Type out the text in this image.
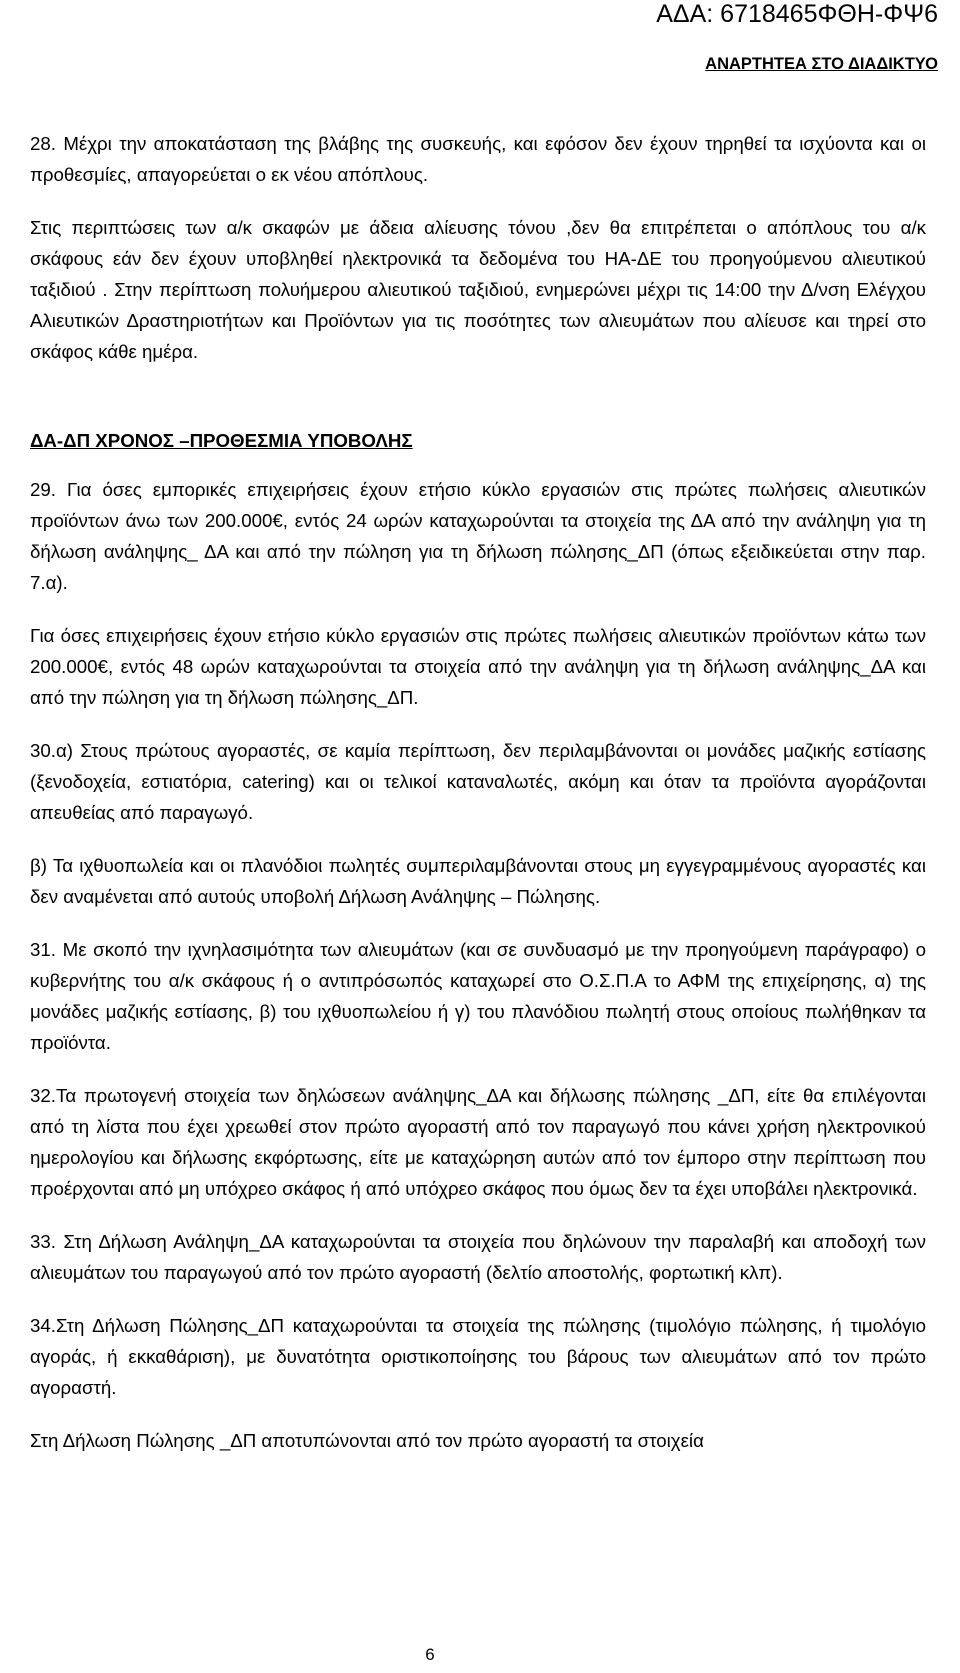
ΑΔΑ: 6718465ΦΘΗ-ΦΨ6
ΑΝΑΡΤΗΤΕΑ ΣΤΟ ΔΙΑΔΙΚΤΥΟ

28. Μέχρι την αποκατάσταση της βλάβης της συσκευής, και εφόσον δεν έχουν τηρηθεί τα ισχύοντα και οι προθεσμίες, απαγορεύεται ο εκ νέου απόπλους.

Στις περιπτώσεις των α/κ σκαφών με άδεια αλίευσης τόνου ,δεν θα επιτρέπεται ο απόπλους του α/κ σκάφους εάν δεν έχουν υποβληθεί ηλεκτρονικά τα δεδομένα του ΗΑ-ΔΕ του προηγούμενου αλιευτικού ταξιδιού . Στην περίπτωση πολυήμερου αλιευτικού ταξιδιού, ενημερώνει μέχρι τις 14:00 την Δ/νση Ελέγχου Αλιευτικών Δραστηριοτήτων και Προϊόντων για τις ποσότητες των αλιευμάτων που αλίευσε και τηρεί στο σκάφος κάθε ημέρα.

ΔΑ-ΔΠ ΧΡΟΝΟΣ –ΠΡΟΘΕΣΜΙΑ ΥΠΟΒΟΛΗΣ

29. Για όσες εμπορικές επιχειρήσεις έχουν ετήσιο κύκλο εργασιών στις πρώτες πωλήσεις αλιευτικών προϊόντων άνω των 200.000€, εντός 24 ωρών καταχωρούνται τα στοιχεία της ΔΑ από την ανάληψη για τη δήλωση ανάληψης_ ΔΑ και από την πώληση για τη δήλωση πώλησης_ΔΠ (όπως εξειδικεύεται στην παρ. 7.α).

Για όσες επιχειρήσεις έχουν ετήσιο κύκλο εργασιών στις πρώτες πωλήσεις αλιευτικών προϊόντων κάτω των 200.000€, εντός 48 ωρών καταχωρούνται τα στοιχεία από την ανάληψη για τη δήλωση ανάληψης_ΔΑ και από την πώληση για τη δήλωση πώλησης_ΔΠ.

30.α) Στους πρώτους αγοραστές, σε καμία περίπτωση, δεν περιλαμβάνονται οι μονάδες μαζικής εστίασης (ξενοδοχεία, εστιατόρια, catering) και οι τελικοί καταναλωτές, ακόμη και όταν τα προϊόντα αγοράζονται απευθείας από παραγωγό.

β) Τα ιχθυοπωλεία και οι πλανόδιοι πωλητές συμπεριλαμβάνονται στους μη εγγεγραμμένους αγοραστές και δεν αναμένεται από αυτούς υποβολή Δήλωση Ανάληψης – Πώλησης.

31. Με σκοπό την ιχνηλασιμότητα των αλιευμάτων (και σε συνδυασμό με την προηγούμενη παράγραφο) ο κυβερνήτης του α/κ σκάφους ή ο αντιπρόσωπός καταχωρεί στο Ο.Σ.Π.Α το ΑΦΜ της επιχείρησης, α) της μονάδες μαζικής εστίασης, β) του ιχθυοπωλείου ή γ) του πλανόδιου πωλητή στους οποίους πωλήθηκαν τα προϊόντα.

32.Τα πρωτογενή στοιχεία των δηλώσεων ανάληψης_ΔΑ και δήλωσης πώλησης _ΔΠ, είτε θα επιλέγονται από τη λίστα που έχει χρεωθεί στον πρώτο αγοραστή από τον παραγωγό που κάνει χρήση ηλεκτρονικού ημερολογίου και δήλωσης εκφόρτωσης, είτε με καταχώρηση αυτών από τον έμπορο στην περίπτωση που προέρχονται από μη υπόχρεο σκάφος ή από υπόχρεο σκάφος που όμως δεν τα έχει υποβάλει ηλεκτρονικά.

33. Στη Δήλωση Ανάληψη_ΔΑ καταχωρούνται τα στοιχεία που δηλώνουν την παραλαβή και αποδοχή των αλιευμάτων του παραγωγού από τον πρώτο αγοραστή (δελτίο αποστολής, φορτωτική κλπ).

34.Στη Δήλωση Πώλησης_ΔΠ καταχωρούνται τα στοιχεία της πώλησης (τιμολόγιο πώλησης, ή τιμολόγιο αγοράς, ή εκκαθάριση), με δυνατότητα οριστικοποίησης του βάρους των αλιευμάτων από τον πρώτο αγοραστή.

Στη Δήλωση Πώλησης _ΔΠ αποτυπώνονται από τον πρώτο αγοραστή τα στοιχεία

6
